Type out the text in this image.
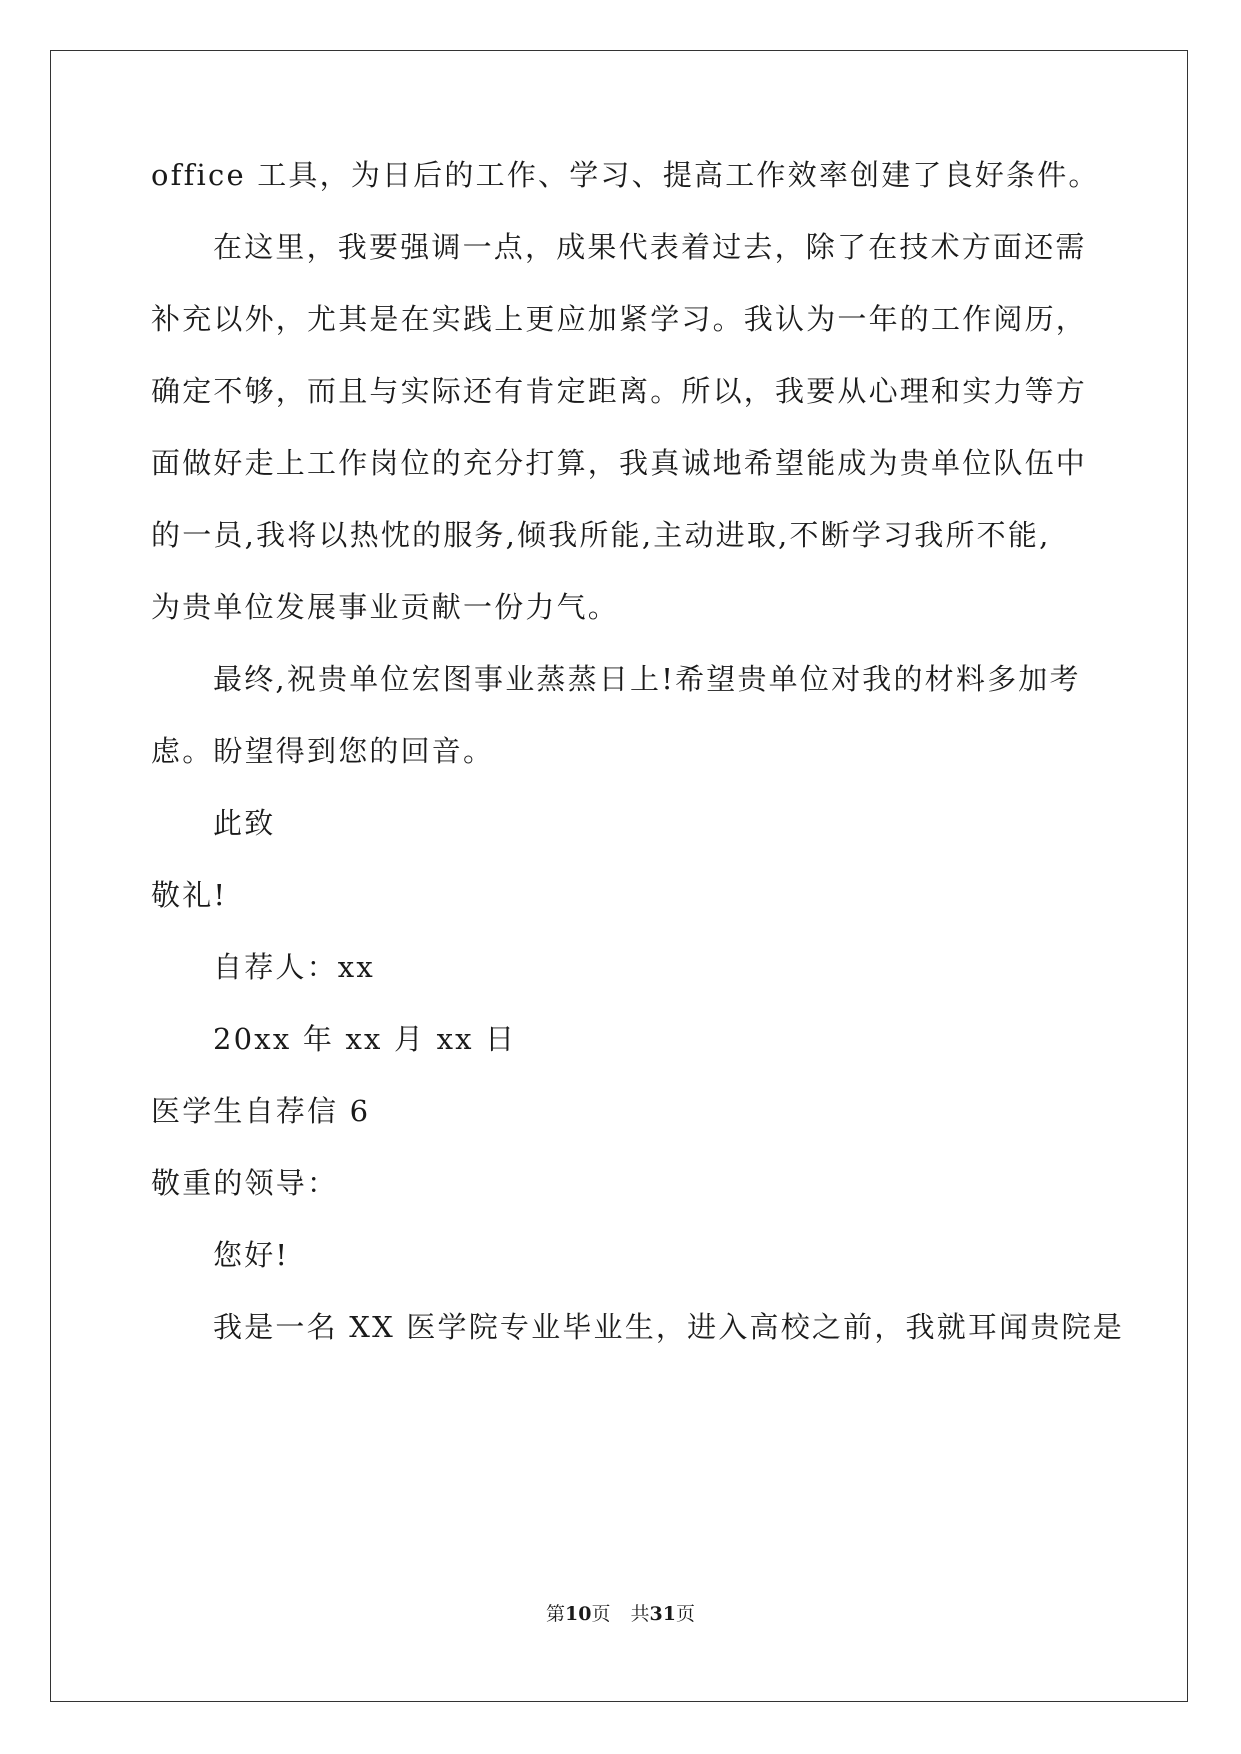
office 工具，为日后的工作、学习、提高工作效率创建了良好条件。
在这里，我要强调一点，成果代表着过去，除了在技术方面还需
补充以外，尤其是在实践上更应加紧学习。我认为一年的工作阅历，
确定不够，而且与实际还有肯定距离。所以，我要从心理和实力等方
面做好走上工作岗位的充分打算，我真诚地希望能成为贵单位队伍中
的一员,我将以热忱的服务,倾我所能,主动进取,不断学习我所不能,
为贵单位发展事业贡献一份力气。
最终,祝贵单位宏图事业蒸蒸日上!希望贵单位对我的材料多加考
虑。盼望得到您的回音。
此致
敬礼!
自荐人：xx
20xx 年 xx 月 xx 日
医学生自荐信 6
敬重的领导：
您好!
我是一名 XX 医学院专业毕业生，进入高校之前，我就耳闻贵院是
第10页 共31页
